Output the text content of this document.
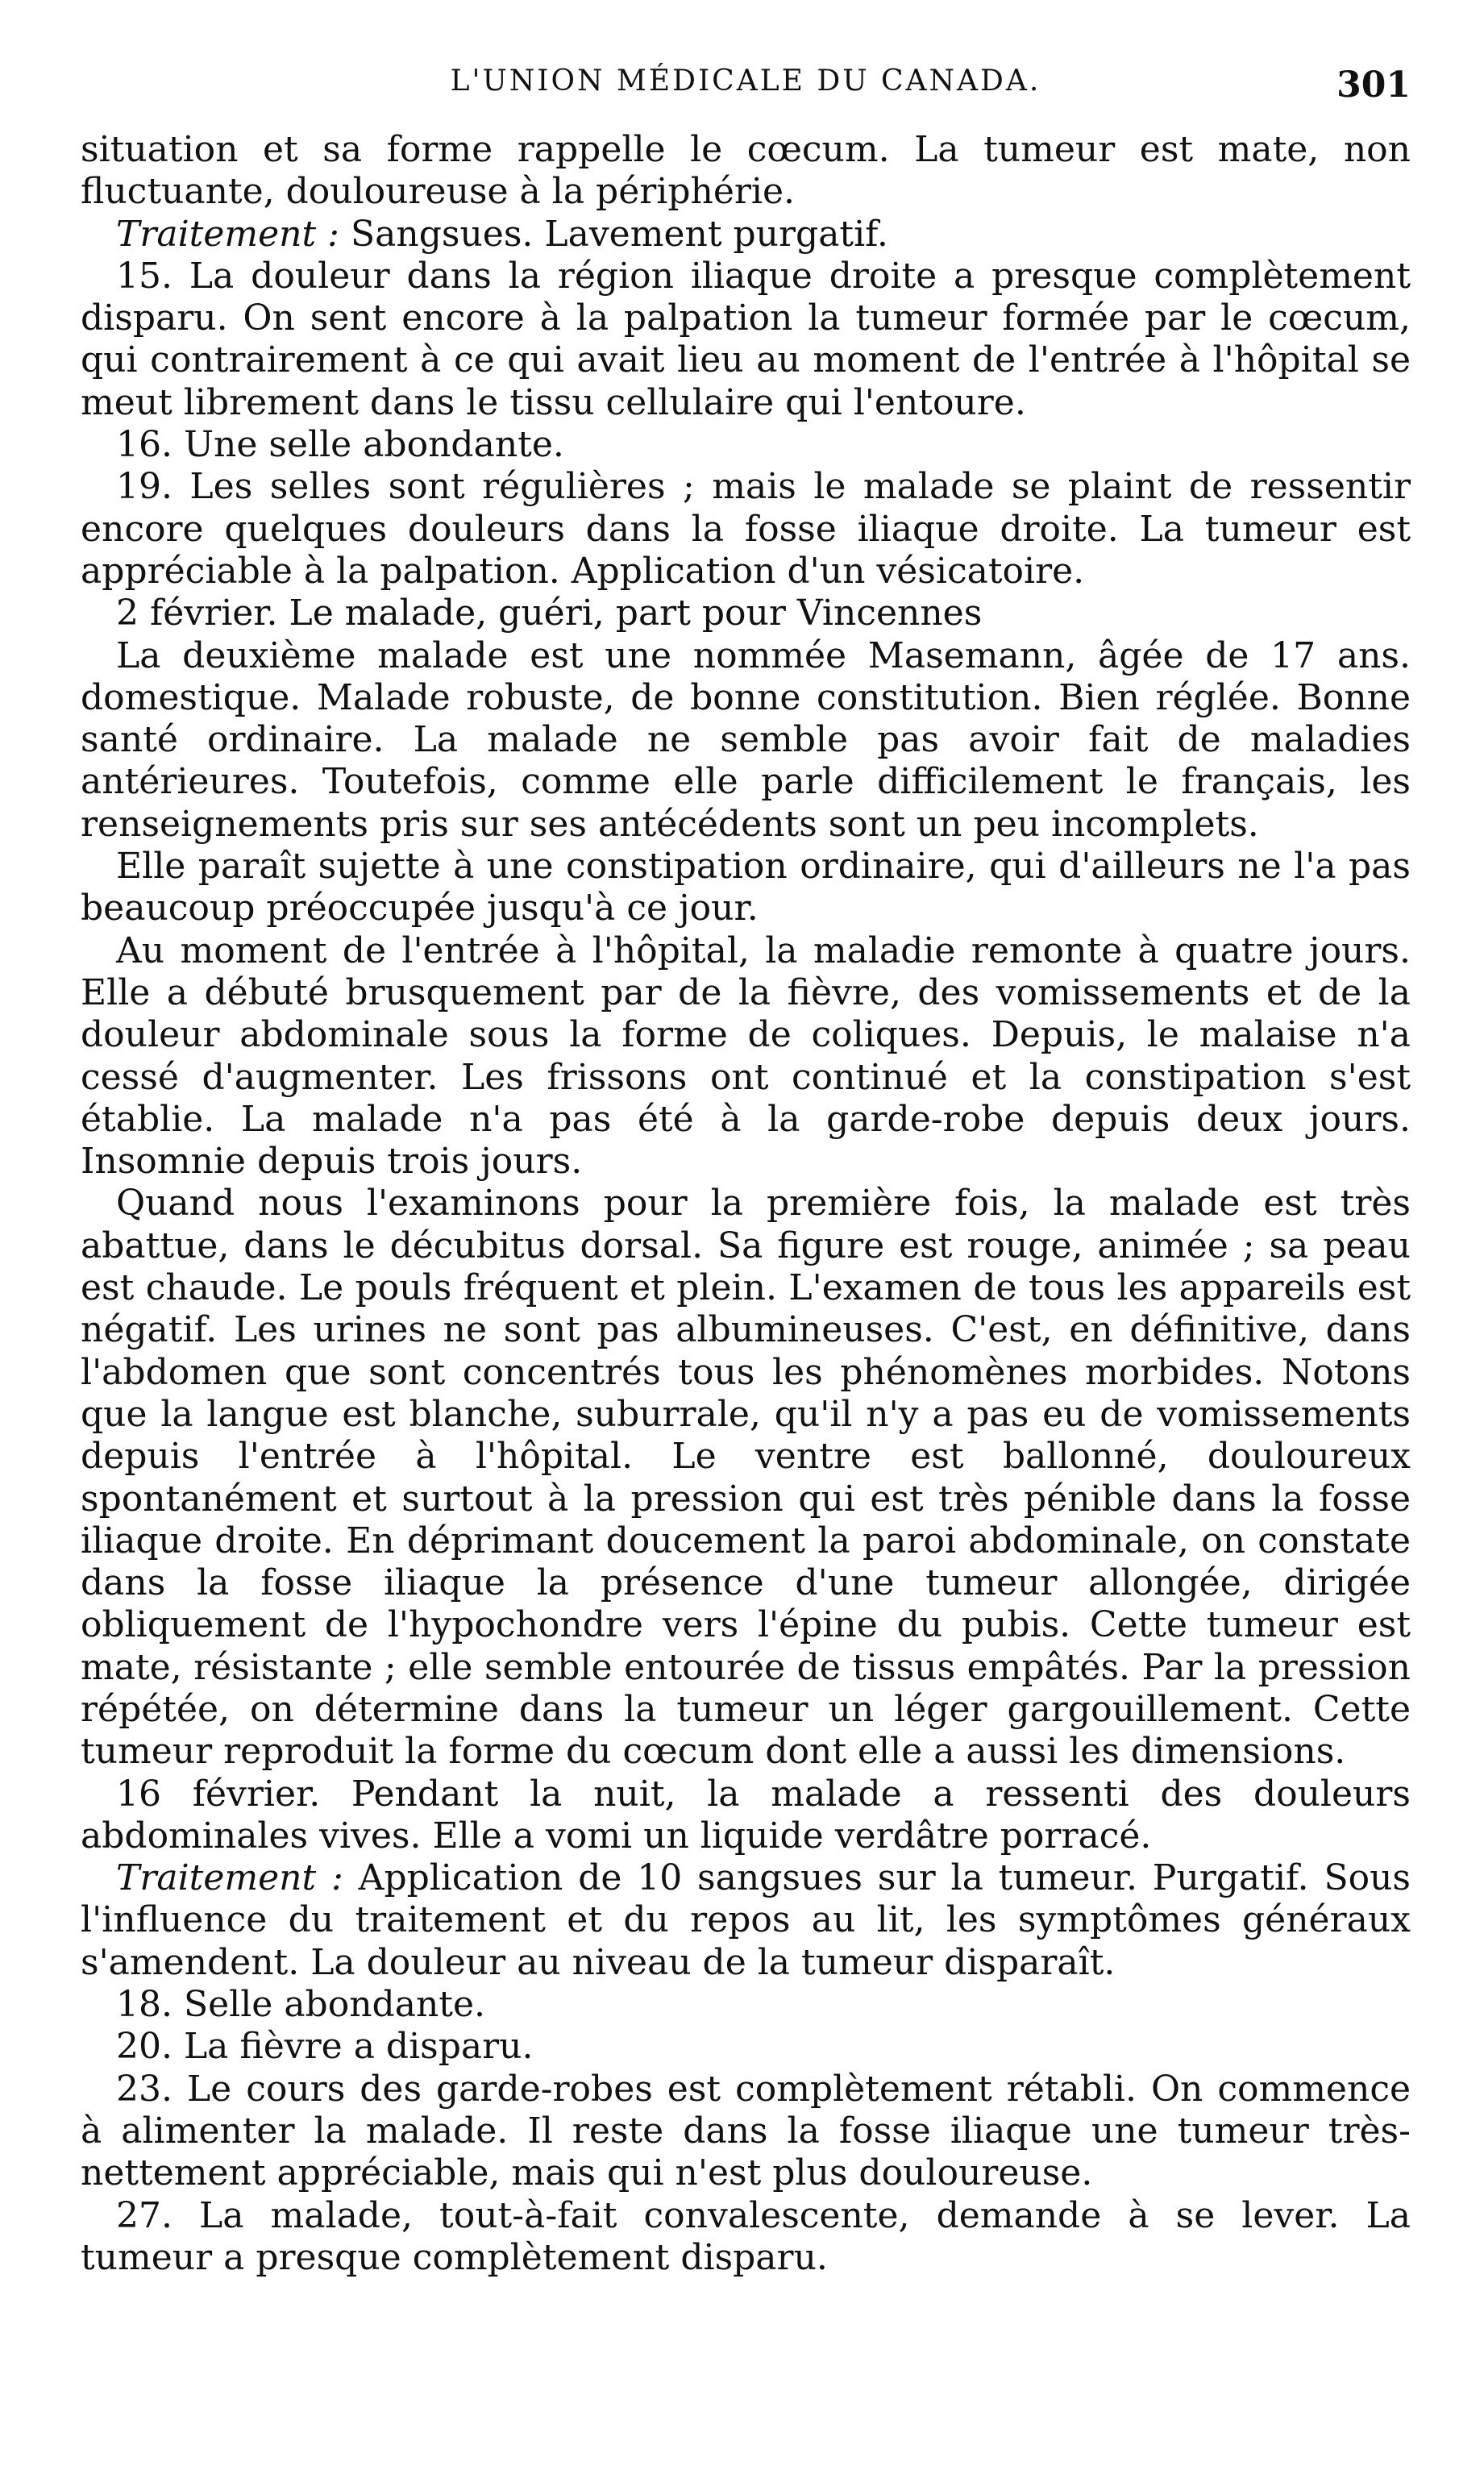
L'UNION MÉDICALE DU CANADA.	301

situation et sa forme rappelle le cœcum. La tumeur est mate, non fluctuante, douloureuse à la périphérie.

Traitement : Sangsues. Lavement purgatif.

15. La douleur dans la région iliaque droite a presque complètement disparu. On sent encore à la palpation la tumeur formée par le cœcum, qui contrairement à ce qui avait lieu au moment de l'entrée à l'hôpital se meut librement dans le tissu cellulaire qui l'entoure.

16. Une selle abondante.

19. Les selles sont régulières ; mais le malade se plaint de ressentir encore quelques douleurs dans la fosse iliaque droite. La tumeur est appréciable à la palpation. Application d'un vésicatoire.

2 février. Le malade, guéri, part pour Vincennes

La deuxième malade est une nommée Masemann, âgée de 17 ans. domestique. Malade robuste, de bonne constitution. Bien réglée. Bonne santé ordinaire. La malade ne semble pas avoir fait de maladies antérieures. Toutefois, comme elle parle difficilement le français, les renseignements pris sur ses antécédents sont un peu incomplets.

Elle paraît sujette à une constipation ordinaire, qui d'ailleurs ne l'a pas beaucoup préoccupée jusqu'à ce jour.

Au moment de l'entrée à l'hôpital, la maladie remonte à quatre jours. Elle a débuté brusquement par de la fièvre, des vomissements et de la douleur abdominale sous la forme de coliques. Depuis, le malaise n'a cessé d'augmenter. Les frissons ont continué et la constipation s'est établie. La malade n'a pas été à la garde-robe depuis deux jours. Insomnie depuis trois jours.

Quand nous l'examinons pour la première fois, la malade est très abattue, dans le décubitus dorsal. Sa figure est rouge, animée ; sa peau est chaude. Le pouls fréquent et plein. L'examen de tous les appareils est négatif. Les urines ne sont pas albumineuses. C'est, en définitive, dans l'abdomen que sont concentrés tous les phénomènes morbides. Notons que la langue est blanche, suburrale, qu'il n'y a pas eu de vomissements depuis l'entrée à l'hôpital. Le ventre est ballonné, douloureux spontanément et surtout à la pression qui est très pénible dans la fosse iliaque droite. En déprimant doucement la paroi abdominale, on constate dans la fosse iliaque la présence d'une tumeur allongée, dirigée obliquement de l'hypochondre vers l'épine du pubis. Cette tumeur est mate, résistante ; elle semble entourée de tissus empâtés. Par la pression répétée, on détermine dans la tumeur un léger gargouillement. Cette tumeur reproduit la forme du cœcum dont elle a aussi les dimensions.

16 février. Pendant la nuit, la malade a ressenti des douleurs abdominales vives. Elle a vomi un liquide verdâtre porracé.

Traitement : Application de 10 sangsues sur la tumeur. Purgatif. Sous l'influence du traitement et du repos au lit, les symptômes généraux s'amendent. La douleur au niveau de la tumeur disparaît.

18. Selle abondante.

20. La fièvre a disparu.

23. Le cours des garde-robes est complètement rétabli. On commence à alimenter la malade. Il reste dans la fosse iliaque une tumeur très-nettement appréciable, mais qui n'est plus douloureuse.

27. La malade, tout-à-fait convalescente, demande à se lever. La tumeur a presque complètement disparu.
